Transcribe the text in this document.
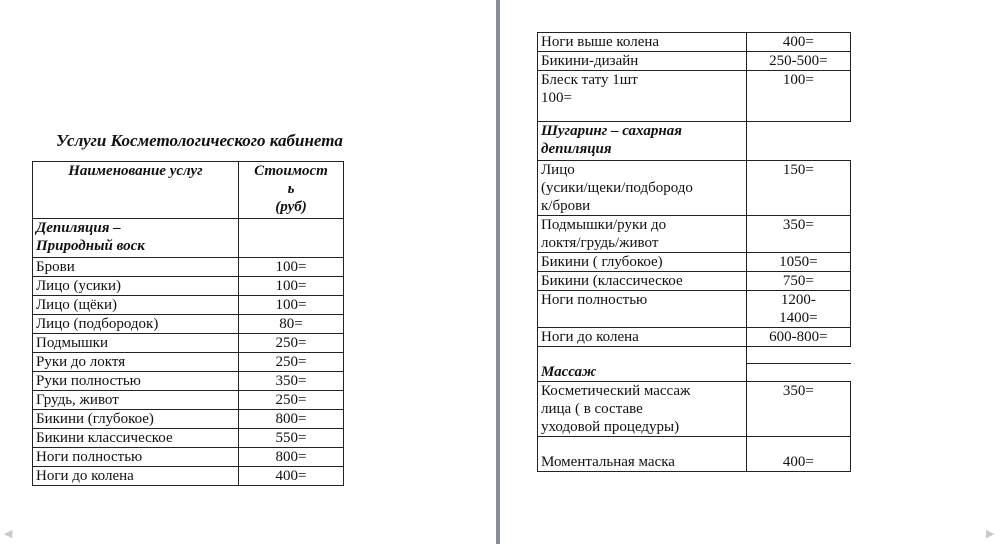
Услуги Косметологического кабинета
Наименование услуг	Стоимост
ь
(руб)

Депиляция –
Природный воск	
Брови	100=
Лицо (усики)	100=
Лицо (щёки)	100=
Лицо (подбородок)	80=
Подмышки	250=
Руки до локтя	250=
Руки полностью	350=
Грудь, живот	250=
Бикини (глубокое)	800=
Бикини классическое	550=
Ноги полностью	800=
Ноги до колена	400=
Ноги выше колена	400=
Бикини-дизайн	250-500=
Блеск тату 1шт
100=	100=

Шугаринг – сахарная
депиляция	
Лицо
(усики/щеки/подбородо
к/брови	150=
Подмышки/руки до
локтя/грудь/живот	350=
Бикини ( глубокое)	1050=
Бикини (классическое	750=
Ноги полностью	1200-
1400=
Ноги до колена	600-800=

Массаж	
Косметический массаж
лица ( в составе
уходовой процедуры)	350=
Моментальная маска	400=
◀	▶
